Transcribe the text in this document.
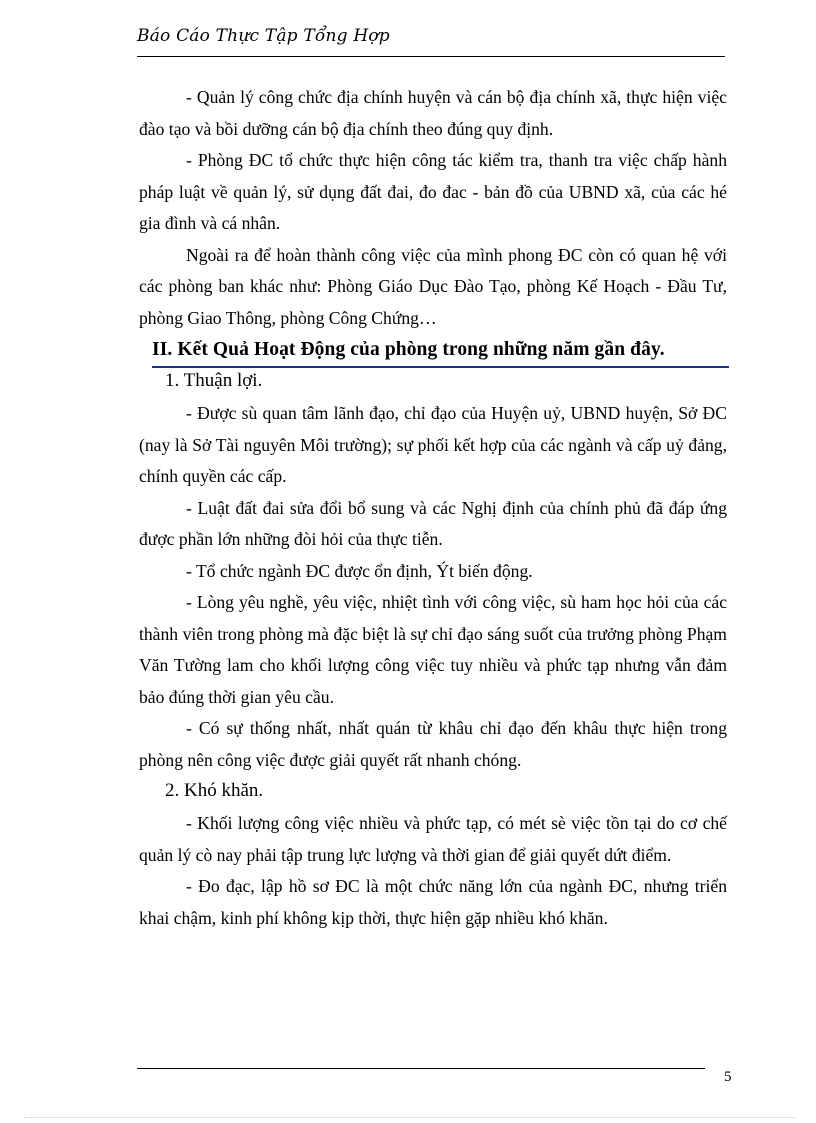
Báo Cáo Thực Tập Tổng Hợp

- Quản lý công chức địa chính huyện và cán bộ địa chính xã, thực hiện việc đào tạo và bồi dưỡng cán bộ địa chính theo đúng quy định.

- Phòng ĐC tổ chức thực hiện công tác kiểm tra, thanh tra việc chấp hành pháp luật về quản lý, sử dụng đất đai, đo đac - bản đồ của UBND xã, của các hé gia đình và cá nhân.

Ngoài ra để hoàn thành công việc của mình phong ĐC còn có quan hệ với các phòng ban khác như: Phòng Giáo Dục Đào Tạo, phòng Kế Hoạch - Đầu Tư, phòng Giao Thông, phòng Công Chứng…

II. Kết Quả Hoạt Động của phòng trong những năm gần đây.
1. Thuận lợi.

- Được sù quan tâm lãnh đạo, chỉ đạo của Huyện uỷ, UBND huyện, Sở ĐC (nay là Sở Tài nguyên Môi trường); sự phối kết hợp của các ngành và cấp uỷ đảng, chính quyền các cấp.

- Luật đất đai sửa đổi bổ sung và các Nghị định của chính phủ đã đáp ứng được phần lớn những đòi hỏi của thực tiễn.

- Tổ chức ngành ĐC được ổn định, Ýt biến động.

- Lòng yêu nghề, yêu việc, nhiệt tình với công việc, sù ham học hỏi của các thành viên trong phòng mà đặc biệt là sự chỉ đạo sáng suốt của trưởng phòng Phạm Văn Tường lam cho khối lượng công việc tuy nhiều và phức tạp nhưng vẫn đảm bảo đúng thời gian yêu cầu.

- Có sự thống nhất, nhất quán từ khâu chỉ đạo đến khâu thực hiện trong phòng nên công việc được giải quyết rất nhanh chóng.

2. Khó khăn.

- Khối lượng công việc nhiều và phức tạp, có mét sè việc tồn tại do cơ chế quản lý cò nay phải tập trung lực lượng và thời gian để giải quyết dứt điểm.

- Đo đạc, lập hồ sơ ĐC là một chức năng lớn của ngành ĐC, nhưng triển khai chậm, kinh phí không kịp thời, thực hiện gặp nhiều khó khăn.

5
